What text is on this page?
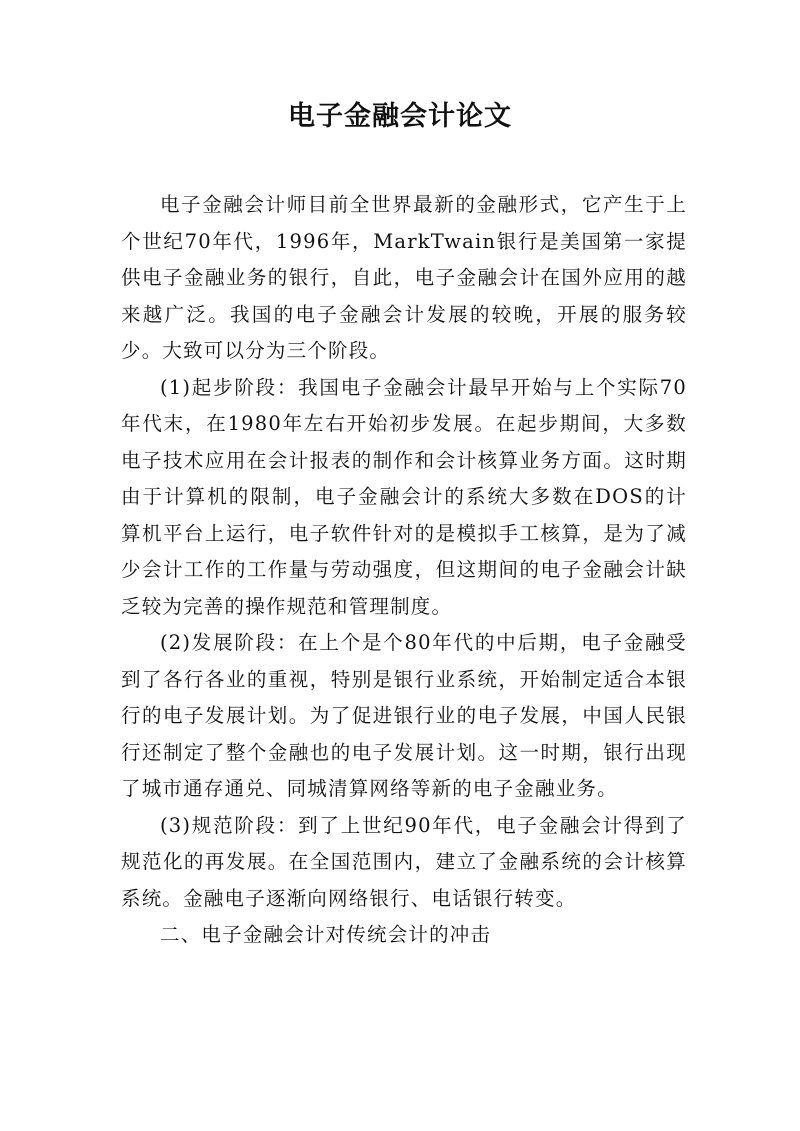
电子金融会计论文

电子金融会计师目前全世界最新的金融形式，它产生于上个世纪70年代，1996年，MarkTwain银行是美国第一家提供电子金融业务的银行，自此，电子金融会计在国外应用的越来越广泛。我国的电子金融会计发展的较晚，开展的服务较少。大致可以分为三个阶段。

(1)起步阶段：我国电子金融会计最早开始与上个实际70年代末，在1980年左右开始初步发展。在起步期间，大多数电子技术应用在会计报表的制作和会计核算业务方面。这时期由于计算机的限制，电子金融会计的系统大多数在DOS的计算机平台上运行，电子软件针对的是模拟手工核算，是为了减少会计工作的工作量与劳动强度，但这期间的电子金融会计缺乏较为完善的操作规范和管理制度。

(2)发展阶段：在上个是个80年代的中后期，电子金融受到了各行各业的重视，特别是银行业系统，开始制定适合本银行的电子发展计划。为了促进银行业的电子发展，中国人民银行还制定了整个金融也的电子发展计划。这一时期，银行出现了城市通存通兑、同城清算网络等新的电子金融业务。

(3)规范阶段：到了上世纪90年代，电子金融会计得到了规范化的再发展。在全国范围内，建立了金融系统的会计核算系统。金融电子逐渐向网络银行、电话银行转变。

二、电子金融会计对传统会计的冲击
